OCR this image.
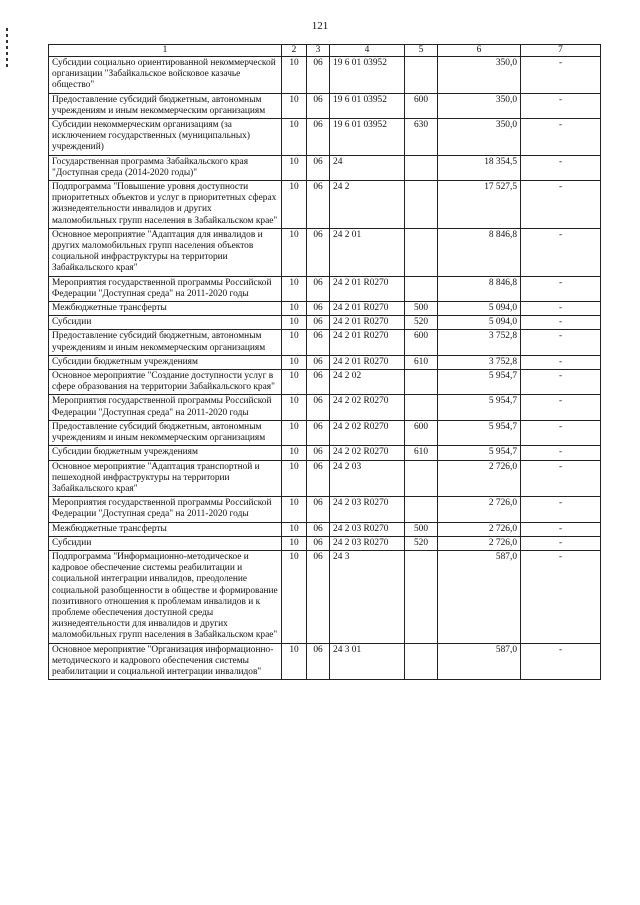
121
1	2	3	4	5	6	7
Субсидии социально ориентированной некоммерческой организации "Забайкальское войсковое казачье общество"	10	06	19 6 01 03952		350,0	-
Предоставление субсидий бюджетным, автономным учреждениям и иным некоммерческим организациям	10	06	19 6 01 03952	600	350,0	-
Субсидии некоммерческим организациям (за исключением государственных (муниципальных) учреждений)	10	06	19 6 01 03952	630	350,0	-
Государственная программа Забайкальского края "Доступная среда (2014-2020 годы)"	10	06	24		18 354,5	-
Подпрограмма "Повышение уровня доступности приоритетных объектов и услуг в приоритетных сферах жизнедеятельности инвалидов и других маломобильных групп населения в Забайкальском крае"	10	06	24 2		17 527,5	-
Основное мероприятие "Адаптация для инвалидов и других маломобильных групп населения объектов социальной инфраструктуры на территории Забайкальского края"	10	06	24 2 01		8 846,8	-
Мероприятия государственной программы Российской Федерации "Доступная среда" на 2011-2020 годы	10	06	24 2 01 R0270		8 846,8	-
Межбюджетные трансферты	10	06	24 2 01 R0270	500	5 094,0	-
Субсидии	10	06	24 2 01 R0270	520	5 094,0	-
Предоставление субсидий бюджетным, автономным учреждениям и иным некоммерческим организациям	10	06	24 2 01 R0270	600	3 752,8	-
Субсидии бюджетным учреждениям	10	06	24 2 01 R0270	610	3 752,8	-
Основное мероприятие "Создание доступности услуг в сфере образования на территории Забайкальского края"	10	06	24 2 02		5 954,7	-
Мероприятия государственной программы Российской Федерации "Доступная среда" на 2011-2020 годы	10	06	24 2 02 R0270		5 954,7	-
Предоставление субсидий бюджетным, автономным учреждениям и иным некоммерческим организациям	10	06	24 2 02 R0270	600	5 954,7	-
Субсидии бюджетным учреждениям	10	06	24 2 02 R0270	610	5 954,7	-
Основное мероприятие "Адаптация транспортной и пешеходной инфраструктуры на территории Забайкальского края"	10	06	24 2 03		2 726,0	-
Мероприятия государственной программы Российской Федерации "Доступная среда" на 2011-2020 годы	10	06	24 2 03 R0270		2 726,0	-
Межбюджетные трансферты	10	06	24 2 03 R0270	500	2 726,0	-
Субсидии	10	06	24 2 03 R0270	520	2 726,0	-
Подпрограмма "Информационно-методическое и кадровое обеспечение системы реабилитации и социальной интеграции инвалидов, преодоление социальной разобщенности в обществе и формирование позитивного отношения к проблемам инвалидов и к проблеме обеспечения доступной среды жизнедеятельности для инвалидов и других маломобильных групп населения в Забайкальском крае"	10	06	24 3		587,0	-
Основное мероприятие "Организация информационно-методического и кадрового обеспечения системы реабилитации и социальной интеграции инвалидов"	10	06	24 3 01		587,0	-
